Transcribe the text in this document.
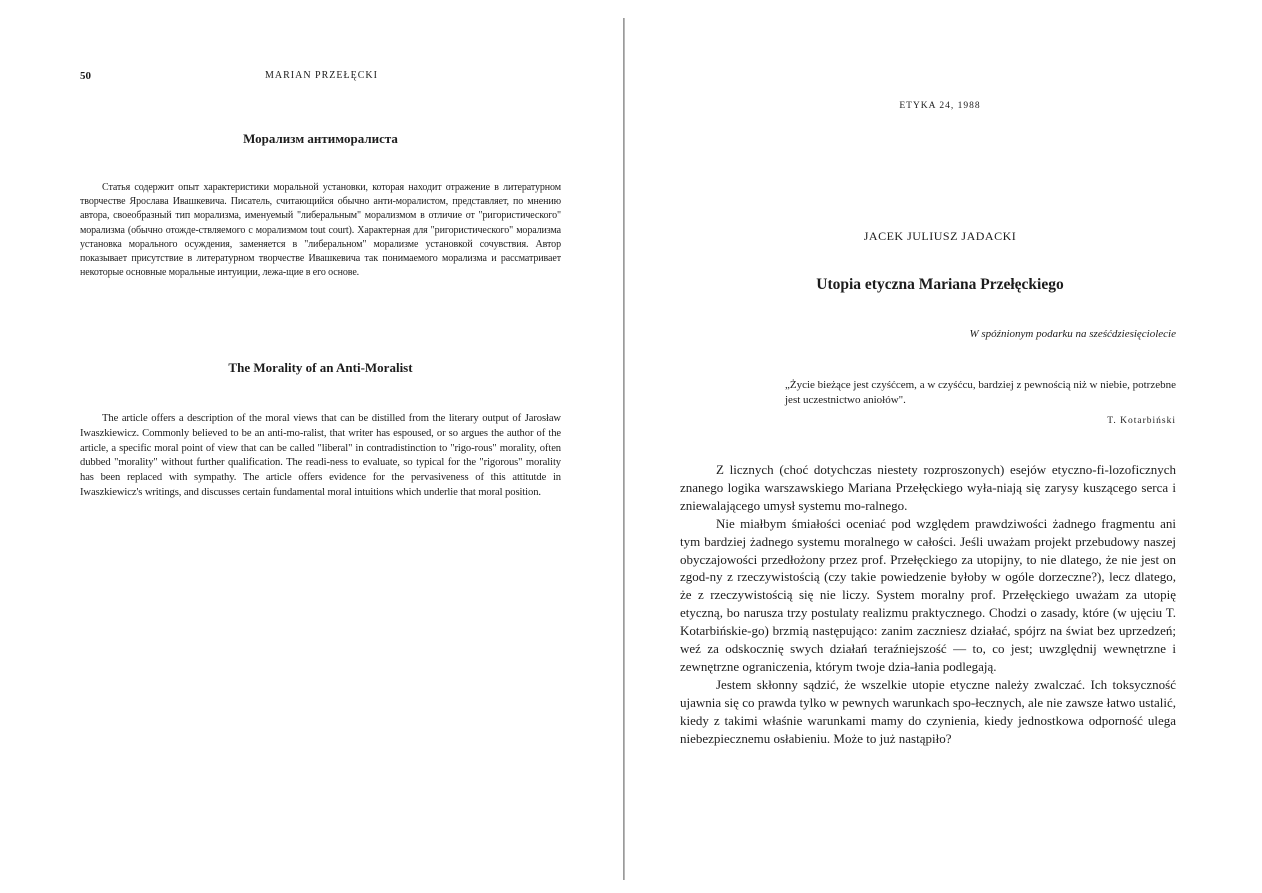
50	MARIAN PRZEŁĘCKI
Морализм антиморалиста

Статья содержит опыт характеристики моральной установки, которая находит отражение в литературном творчестве Ярослава Ивашкевича. Писатель, считающийся обычно анти-моралистом, представляет, по мнению автора, своеобразный тип морализма, именуемый "либеральным" морализмом в отличие от "ригористического" морализма (обычно отожде-ствляемого с морализмом tout court). Характерная для "ригористического" морализма установка морального осуждения, заменяется в "либеральном" морализме установкой сочувствия. Автор показывает присутствие в литературном творчестве Ивашкевича так понимаемого морализма и рассматривает некоторые основные моральные интуиции, лежа-щие в его основе.

The Morality of an Anti-Moralist

The article offers a description of the moral views that can be distilled from the literary output of Jarosław Iwaszkiewicz. Commonly believed to be an anti-mo-ralist, that writer has espoused, or so argues the author of the article, a specific moral point of view that can be called "liberal" in contradistinction to "rigo-rous" morality, often dubbed "morality" without further qualification. The readi-ness to evaluate, so typical for the "rigorous" morality has been replaced with sympathy. The article offers evidence for the pervasiveness of this attitutde in Iwaszkiewicz's writings, and discusses certain fundamental moral intuitions which underlie that moral position.

ETYKA 24, 1988
JACEK JULIUSZ JADACKI
Utopia etyczna Mariana Przełęckiego
W spóźnionym podarku na sześćdziesięciolecie
„Życie bieżące jest czyśćcem, a w czyśćcu, bardziej z pewnością niż w niebie, potrzebne jest uczestnictwo aniołów".
T. Kotarbiński

Z licznych (choć dotychczas niestety rozproszonych) esejów etyczno-fi-lozoficznych znanego logika warszawskiego Mariana Przełęckiego wyła-niają się zarysy kuszącego serca i zniewalającego umysł systemu mo-ralnego.

Nie miałbym śmiałości oceniać pod względem prawdziwości żadnego fragmentu ani tym bardziej żadnego systemu moralnego w całości. Jeśli uważam projekt przebudowy naszej obyczajowości przedłożony przez prof. Przełęckiego za utopijny, to nie dlatego, że nie jest on zgod-ny z rzeczywistością (czy takie powiedzenie byłoby w ogóle dorzeczne?), lecz dlatego, że z rzeczywistością się nie liczy. System moralny prof. Przełęckiego uważam za utopię etyczną, bo narusza trzy postulaty realizmu praktycznego. Chodzi o zasady, które (w ujęciu T. Kotarbińskie-go) brzmią następująco: zanim zaczniesz działać, spójrz na świat bez uprzedzeń; weź za odskocznię swych działań teraźniejszość — to, co jest; uwzględnij wewnętrzne i zewnętrzne ograniczenia, którym twoje dzia-łania podlegają.

Jestem skłonny sądzić, że wszelkie utopie etyczne należy zwalczać. Ich toksyczność ujawnia się co prawda tylko w pewnych warunkach spo-łecznych, ale nie zawsze łatwo ustalić, kiedy z takimi właśnie warunkami mamy do czynienia, kiedy jednostkowa odporność ulega niebezpiecznemu osłabieniu. Może to już nastąpiło?
